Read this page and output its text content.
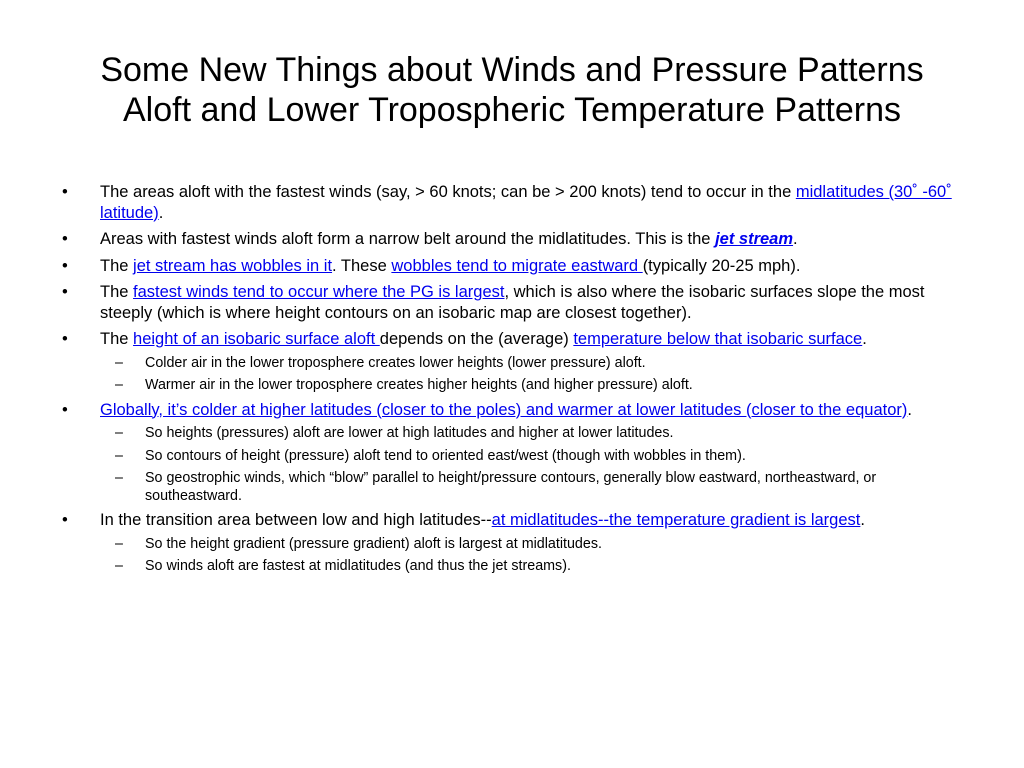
Some New Things about Winds and Pressure Patterns
Aloft and Lower Tropospheric Temperature Patterns
• The areas aloft with the fastest winds (say, > 60 knots; can be > 200 knots) tend to occur in the midlatitudes (30˚ -60˚ latitude).
• Areas with fastest winds aloft form a narrow belt around the midlatitudes. This is the jet stream.
• The jet stream has wobbles in it. These wobbles tend to migrate eastward (typically 20-25 mph).
• The fastest winds tend to occur where the PG is largest, which is also where the isobaric surfaces slope the most steeply (which is where height contours on an isobaric map are closest together).
• The height of an isobaric surface aloft depends on the (average) temperature below that isobaric surface.
– Colder air in the lower troposphere creates lower heights (lower pressure) aloft.
– Warmer air in the lower troposphere creates higher heights (and higher pressure) aloft.
• Globally, it’s colder at higher latitudes (closer to the poles) and warmer at lower latitudes (closer to the equator).
– So heights (pressures) aloft are lower at high latitudes and higher at lower latitudes.
– So contours of height (pressure) aloft tend to oriented east/west (though with wobbles in them).
– So geostrophic winds, which “blow” parallel to height/pressure contours, generally blow eastward, northeastward, or southeastward.
• In the transition area between low and high latitudes--at midlatitudes--the temperature gradient is largest.
– So the height gradient (pressure gradient) aloft is largest at midlatitudes.
– So winds aloft are fastest at midlatitudes (and thus the jet streams).
